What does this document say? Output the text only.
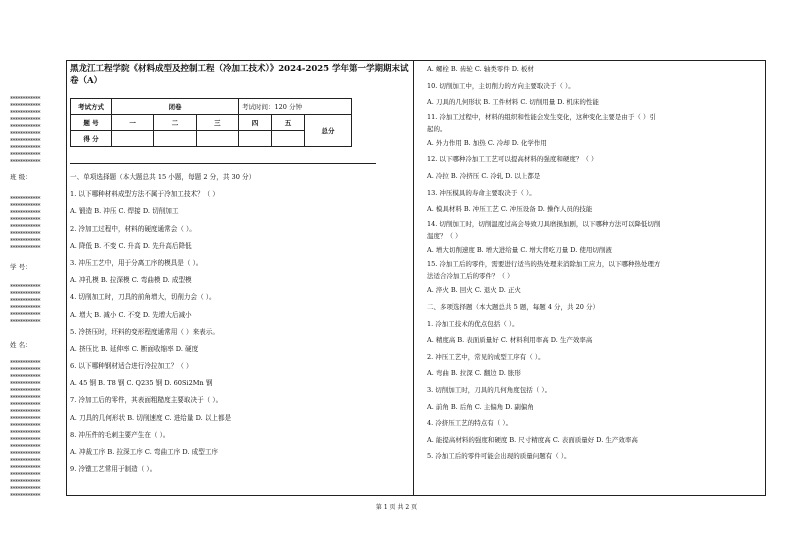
************
************
************
************
************
************
************
************
************
************
班 级：
************
************
************
************
************
************
************
************
学 号：
************
************
************
************
************
************
姓 名：
************
************
************
************
************
************
************
************
************
************
************
************
************
************
************
************
************
************
************
************
黑龙江工程学院《材料成型及控制工程（冷加工技术）》2024-2025 学年第一学期期末试卷（A）
考试方式	闭卷			考试时间：120 分钟		
题 号	一	二	三	四	五	总分
得 分						
一、单项选择题（本大题总共 15 小题，每题 2 分，共 30 分）
1. 以下哪种材料成型方法不属于冷加工技术？（ ）
A. 锻造 B. 冲压 C. 焊接 D. 切削加工
2. 冷加工过程中，材料的硬度通常会（ ）。
A. 降低 B. 不变 C. 升高 D. 先升高后降低
3. 冲压工艺中，用于分离工序的模具是（ ）。
A. 冲孔模 B. 拉深模 C. 弯曲模 D. 成型模
4. 切削加工时，刀具的前角增大，切削力会（ ）。
A. 增大 B. 减小 C. 不变 D. 先增大后减小
5. 冷挤压时，坯料的变形程度通常用（ ）来表示。
A. 挤压比 B. 延伸率 C. 断面收缩率 D. 硬度
6. 以下哪种钢材适合进行冷拉加工？（ ）
A. 45 钢 B. T8 钢 C. Q235 钢 D. 60Si2Mn 钢
7. 冷加工后的零件，其表面粗糙度主要取决于（ ）。
A. 刀具的几何形状 B. 切削速度 C. 进给量 D. 以上都是
8. 冲压件的毛刺主要产生在（ ）。
A. 冲裁工序 B. 拉深工序 C. 弯曲工序 D. 成型工序
9. 冷镦工艺常用于制造（ ）。
A. 螺栓 B. 齿轮 C. 轴类零件 D. 板材
10. 切削加工中，主切削力的方向主要取决于（ ）。
A. 刀具的几何形状 B. 工件材料 C. 切削用量 D. 机床的性能
11. 冷加工过程中，材料的组织和性能会发生变化，这种变化主要是由于（ ）引
起的。
A. 外力作用 B. 加热 C. 冷却 D. 化学作用
12. 以下哪种冷加工工艺可以提高材料的强度和硬度？（ ）
A. 冷拉 B. 冷挤压 C. 冷轧 D. 以上都是
13. 冲压模具的寿命主要取决于（ ）。
A. 模具材料 B. 冲压工艺 C. 冲压设备 D. 操作人员的技能
14. 切削加工时，切削温度过高会导致刀具磨损加剧，以下哪种方法可以降低切削
温度？（ ）
A. 增大切削速度 B. 增大进给量 C. 增大背吃刀量 D. 使用切削液
15. 冷加工后的零件，需要进行适当的热处理来消除加工应力，以下哪种热处理方
法适合冷加工后的零件？（ ）
A. 淬火 B. 回火 C. 退火 D. 正火
二、多项选择题（本大题总共 5 题，每题 4 分，共 20 分）
1. 冷加工技术的优点包括（ ）。
A. 精度高 B. 表面质量好 C. 材料利用率高 D. 生产效率高
2. 冲压工艺中，常见的成型工序有（ ）。
A. 弯曲 B. 拉深 C. 翻边 D. 胀形
3. 切削加工时，刀具的几何角度包括（ ）。
A. 前角 B. 后角 C. 主偏角 D. 副偏角
4. 冷挤压工艺的特点有（ ）。
A. 能提高材料的强度和硬度 B. 尺寸精度高 C. 表面质量好 D. 生产效率高
5. 冷加工后的零件可能会出现的质量问题有（ ）。
第 1 页 共 2 页
